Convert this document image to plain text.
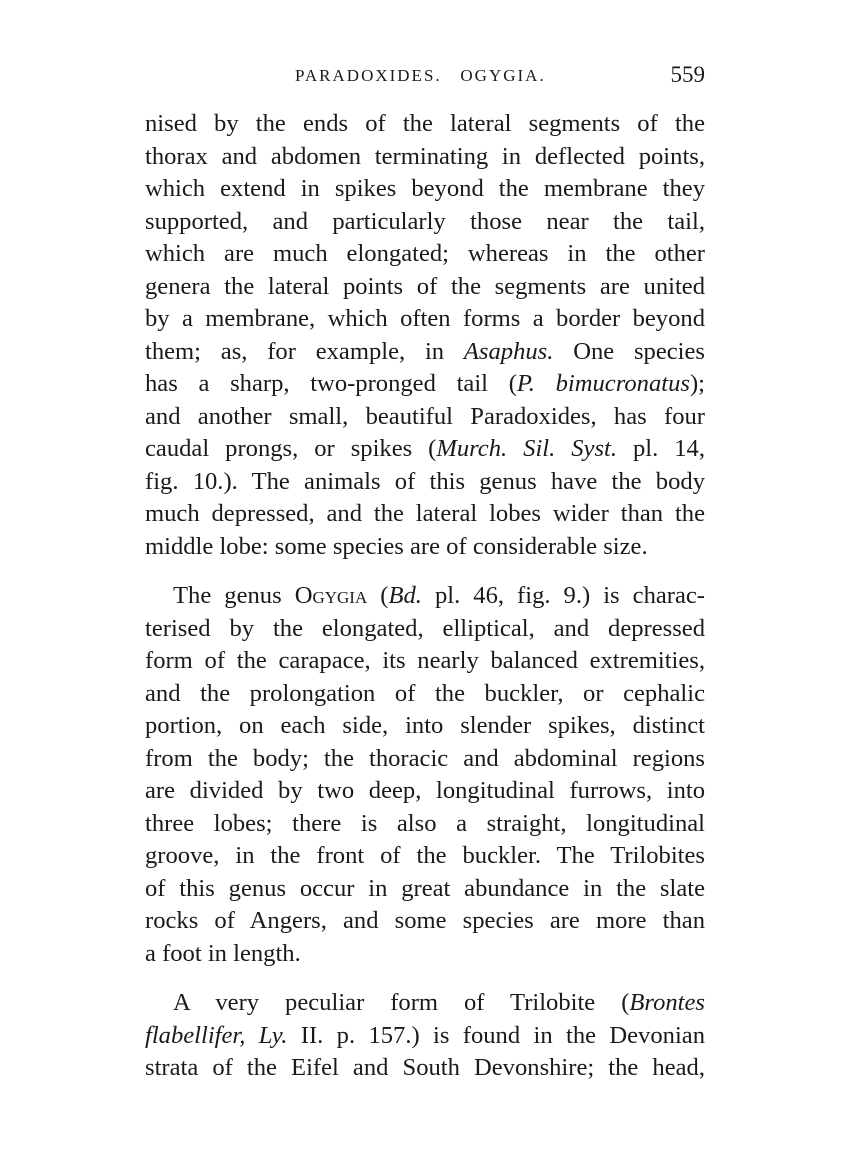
PARADOXIDES.   OGYGIA.	559
nised by the ends of the lateral segments of the
thorax and abdomen terminating in deflected points,
which extend in spikes beyond the membrane they
supported, and particularly those near the tail,
which are much elongated; whereas in the other
genera the lateral points of the segments are united
by a membrane, which often forms a border beyond
them; as, for example, in Asaphus. One species
has a sharp, two-pronged tail (P. bimucronatus);
and another small, beautiful Paradoxides, has four
caudal prongs, or spikes (Murch. Sil. Syst. pl. 14,
fig. 10.). The animals of this genus have the body
much depressed, and the lateral lobes wider than the
middle lobe: some species are of considerable size.
The genus Ogygia (Bd. pl. 46, fig. 9.) is charac-
terised by the elongated, elliptical, and depressed
form of the carapace, its nearly balanced extremities,
and the prolongation of the buckler, or cephalic
portion, on each side, into slender spikes, distinct
from the body; the thoracic and abdominal regions
are divided by two deep, longitudinal furrows, into
three lobes; there is also a straight, longitudinal
groove, in the front of the buckler. The Trilobites
of this genus occur in great abundance in the slate
rocks of Angers, and some species are more than
a foot in length.
A very peculiar form of Trilobite (Brontes
flabellifer, Ly. II. p. 157.) is found in the Devonian
strata of the Eifel and South Devonshire; the head,
